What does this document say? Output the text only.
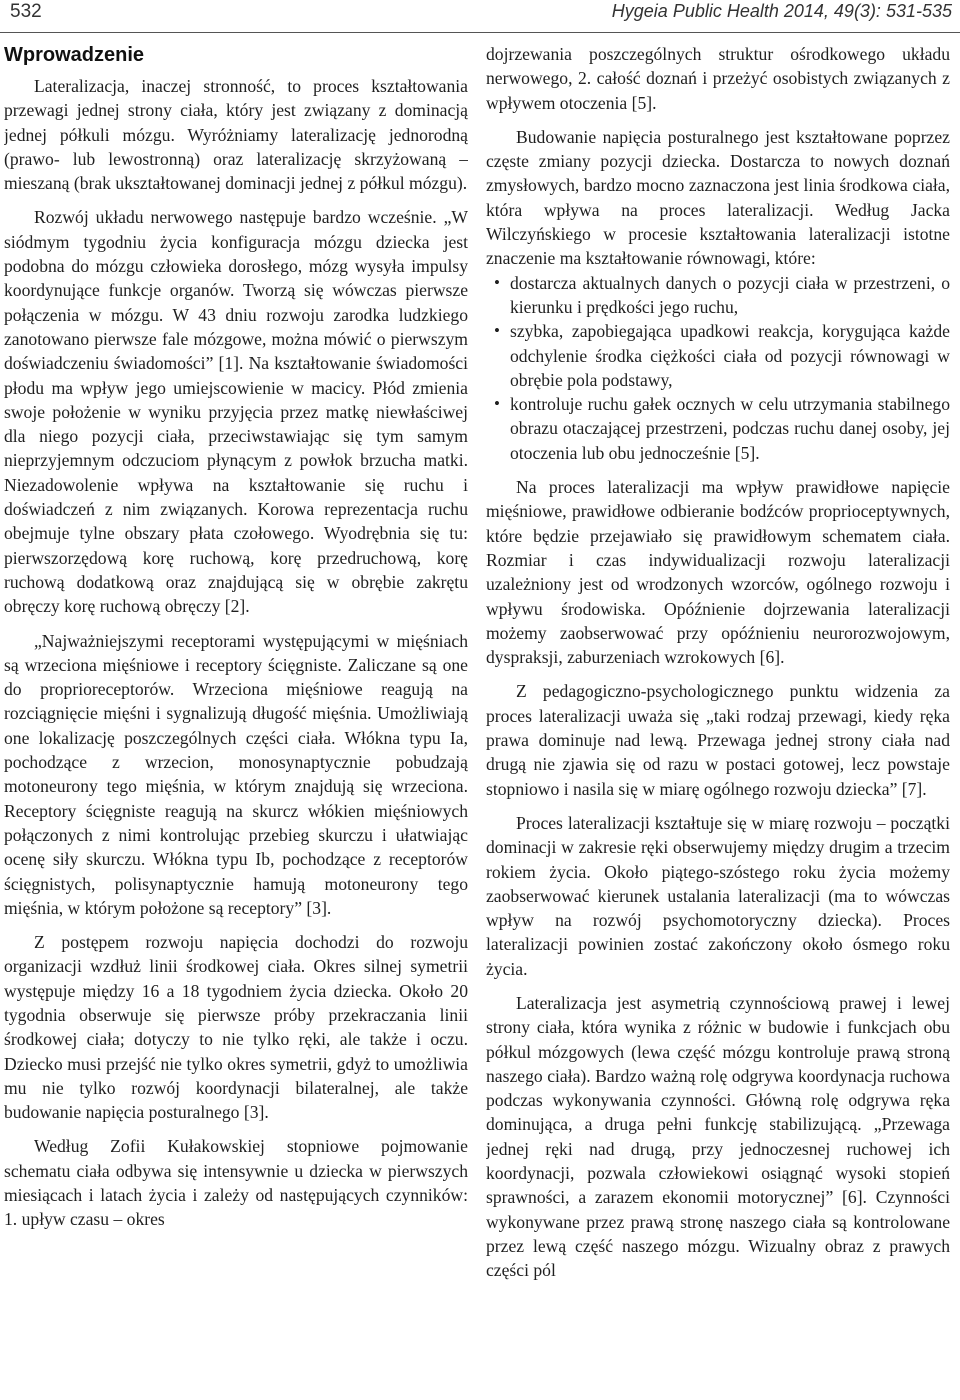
532	Hygeia Public Health 2014, 49(3): 531-535
Wprowadzenie

Lateralizacja, inaczej stronność, to proces kształtowania przewagi jednej strony ciała, który jest związany z dominacją jednej półkuli mózgu. Wyróżniamy lateralizację jednorodną (prawo- lub lewostronną) oraz lateralizację skrzyżowaną – mieszaną (brak ukształtowanej dominacji jednej z półkul mózgu).

Rozwój układu nerwowego następuje bardzo wcześnie. „W siódmym tygodniu życia konfiguracja mózgu dziecka jest podobna do mózgu człowieka dorosłego, mózg wysyła impulsy koordynujące funkcje organów. Tworzą się wówczas pierwsze połączenia w mózgu. W 43 dniu rozwoju zarodka ludzkiego zanotowano pierwsze fale mózgowe, można mówić o pierwszym doświadczeniu świadomości” [1]. Na kształtowanie świadomości płodu ma wpływ jego umiejscowienie w macicy. Płód zmienia swoje położenie w wyniku przyjęcia przez matkę niewłaściwej dla niego pozycji ciała, przeciwstawiając się tym samym nieprzyjemnym odczuciom płynącym z powłok brzucha matki. Niezadowolenie wpływa na kształtowanie się ruchu i doświadczeń z nim związanych. Korowa reprezentacja ruchu obejmuje tylne obszary płata czołowego. Wyodrębnia się tu: pierwszorzędową korę ruchową, korę przedruchową, korę ruchową dodatkową oraz znajdującą się w obrębie zakrętu obręczy korę ruchową obręczy [2].

„Najważniejszymi receptorami występującymi w mięśniach są wrzeciona mięśniowe i receptory ścięgniste. Zaliczane są one do proprioreceptorów. Wrzeciona mięśniowe reagują na rozciągnięcie mięśni i sygnalizują długość mięśnia. Umożliwiają one lokalizację poszczególnych części ciała. Włókna typu Ia, pochodzące z wrzecion, monosynaptycznie pobudzają motoneurony tego mięśnia, w którym znajdują się wrzeciona. Receptory ścięgniste reagują na skurcz włókien mięśniowych połączonych z nimi kontrolując przebieg skurczu i ułatwiając ocenę siły skurczu. Włókna typu Ib, pochodzące z receptorów ścięgnistych, polisynaptycznie hamują motoneurony tego mięśnia, w którym położone są receptory” [3].

Z postępem rozwoju napięcia dochodzi do rozwoju organizacji wzdłuż linii środkowej ciała. Okres silnej symetrii występuje między 16 a 18 tygodniem życia dziecka. Około 20 tygodnia obserwuje się pierwsze próby przekraczania linii środkowej ciała; dotyczy to nie tylko ręki, ale także i oczu. Dziecko musi przejść nie tylko okres symetrii, gdyż to umożliwia mu nie tylko rozwój koordynacji bilateralnej, ale także budowanie napięcia posturalnego [3].

Według Zofii Kułakowskiej stopniowe pojmowanie schematu ciała odbywa się intensywnie u dziecka w pierwszych miesiącach i latach życia i zależy od następujących czynników: 1. upływ czasu – okres

dojrzewania poszczególnych struktur ośrodkowego układu nerwowego, 2. całość doznań i przeżyć osobistych związanych z wpływem otoczenia [5].

Budowanie napięcia posturalnego jest kształtowane poprzez częste zmiany pozycji dziecka. Dostarcza to nowych doznań zmysłowych, bardzo mocno zaznaczona jest linia środkowa ciała, która wpływa na proces lateralizacji. Według Jacka Wilczyńskiego w procesie kształtowania lateralizacji istotne znaczenie ma kształtowanie równowagi, które:

• dostarcza aktualnych danych o pozycji ciała w przestrzeni, o kierunku i prędkości jego ruchu,
• szybka, zapobiegająca upadkowi reakcja, korygująca każde odchylenie środka ciężkości ciała od pozycji równowagi w obrębie pola podstawy,
• kontroluje ruchu gałek ocznych w celu utrzymania stabilnego obrazu otaczającej przestrzeni, podczas ruchu danej osoby, jej otoczenia lub obu jednocześnie [5].

Na proces lateralizacji ma wpływ prawidłowe napięcie mięśniowe, prawidłowe odbieranie bodźców proprioceptywnych, które będzie przejawiało się prawidłowym schematem ciała. Rozmiar i czas indywidualizacji rozwoju lateralizacji uzależniony jest od wrodzonych wzorców, ogólnego rozwoju i wpływu środowiska. Opóźnienie dojrzewania lateralizacji możemy zaobserwować przy opóźnieniu neurorozwojowym, dyspraksji, zaburzeniach wzrokowych [6].

Z pedagogiczno-psychologicznego punktu widzenia za proces lateralizacji uważa się „taki rodzaj przewagi, kiedy ręka prawa dominuje nad lewą. Przewaga jednej strony ciała nad drugą nie zjawia się od razu w postaci gotowej, lecz powstaje stopniowo i nasila się w miarę ogólnego rozwoju dziecka” [7].

Proces lateralizacji kształtuje się w miarę rozwoju – początki dominacji w zakresie ręki obserwujemy między drugim a trzecim rokiem życia. Około piątego-szóstego roku życia możemy zaobserwować kierunek ustalania lateralizacji (ma to wówczas wpływ na rozwój psychomotoryczny dziecka). Proces lateralizacji powinien zostać zakończony około ósmego roku życia.

Lateralizacja jest asymetrią czynnościową prawej i lewej strony ciała, która wynika z różnic w budowie i funkcjach obu półkul mózgowych (lewa część mózgu kontroluje prawą stroną naszego ciała). Bardzo ważną rolę odgrywa koordynacja ruchowa podczas wykonywania czynności. Główną rolę odgrywa ręka dominująca, a druga pełni funkcję stabilizującą. „Przewaga jednej ręki nad drugą, przy jednoczesnej ruchowej ich koordynacji, pozwala człowiekowi osiągnąć wysoki stopień sprawności, a zarazem ekonomii motorycznej” [6]. Czynności wykonywane przez prawą stronę naszego ciała są kontrolowane przez lewą część naszego mózgu. Wizualny obraz z prawych części pól
